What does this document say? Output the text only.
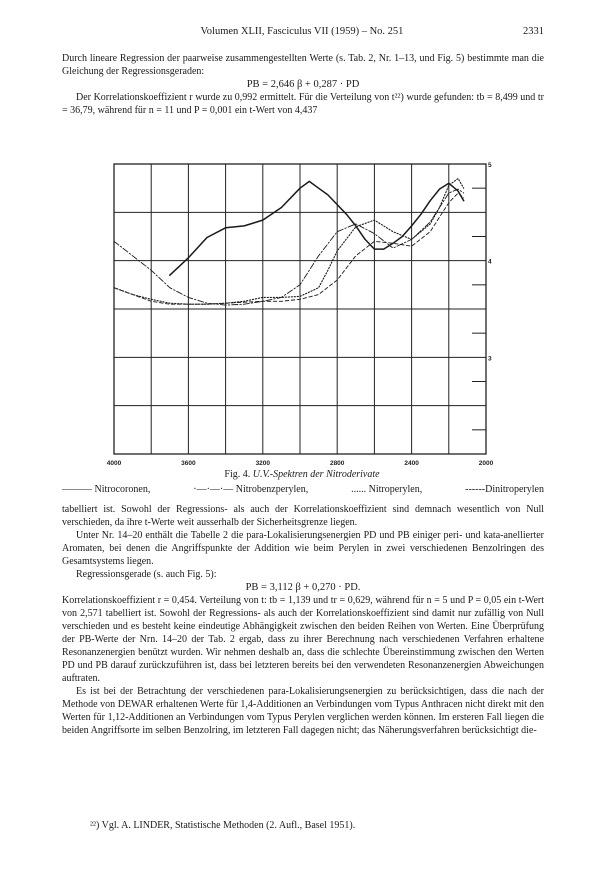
Volumen XLII, Fasciculus VII (1959) – No. 251	2331

Durch lineare Regression der paarweise zusammengestellten Werte (s. Tab. 2, Nr. 1–13, und Fig. 5) bestimmte man die Gleichung der Regressionsgeraden:

PB = 2,646 β + 0,287 · PD

Der Korrelationskoeffizient r wurde zu 0,992 ermittelt. Für die Verteilung von t²²) wurde gefunden: tb = 8,499 und tr = 36,79, während für n = 11 und P = 0,001 ein t-Wert von 4,437

4000	3600	3200	2800	2400	2000
3
4
5
Fig. 4. U.V.-Spektren der Nitroderivate
——— Nitrocoronen,	·—·—·— Nitrobenzperylen,	...... Nitroperylen,	------Dinitroperylen

tabelliert ist. Sowohl der Regressions- als auch der Korrelationskoeffizient sind demnach wesentlich von Null verschieden, da ihre t-Werte weit ausserhalb der Sicherheitsgrenze liegen.

Unter Nr. 14–20 enthält die Tabelle 2 die para-Lokalisierungsenergien PD und PB einiger peri- und kata-anellierter Aromaten, bei denen die Angriffspunkte der Addition wie beim Perylen in zwei verschiedenen Benzolringen des Gesamtsystems liegen.

Regressionsgerade (s. auch Fig. 5):

PB = 3,112 β + 0,270 · PD.

Korrelationskoeffizient r = 0,454. Verteilung von t: tb = 1,139 und tr = 0,629, während für n = 5 und P = 0,05 ein t-Wert von 2,571 tabelliert ist. Sowohl der Regressions- als auch der Korrelationskoeffizient sind damit nur zufällig von Null verschieden und es besteht keine eindeutige Abhängigkeit zwischen den beiden Reihen von Werten. Eine Überprüfung der PB-Werte der Nrn. 14–20 der Tab. 2 ergab, dass zu ihrer Berechnung nach verschiedenen Verfahren erhaltene Resonanzenergien benützt wurden. Wir nehmen deshalb an, dass die schlechte Übereinstimmung zwischen den Werten PD und PB darauf zurückzuführen ist, dass bei letzteren bereits bei den verwendeten Resonanzenergien Abweichungen auftraten.

Es ist bei der Betrachtung der verschiedenen para-Lokalisierungsenergien zu berücksichtigen, dass die nach der Methode von DEWAR erhaltenen Werte für 1,4-Additionen an Verbindungen vom Typus Anthracen nicht direkt mit den Werten für 1,12-Additionen an Verbindungen vom Typus Perylen verglichen werden können. Im ersteren Fall liegen die beiden Angriffsorte im selben Benzolring, im letzteren Fall dagegen nicht; das Näherungsverfahren berücksichtigt die-

²²) Vgl. A. LINDER, Statistische Methoden (2. Aufl., Basel 1951).
